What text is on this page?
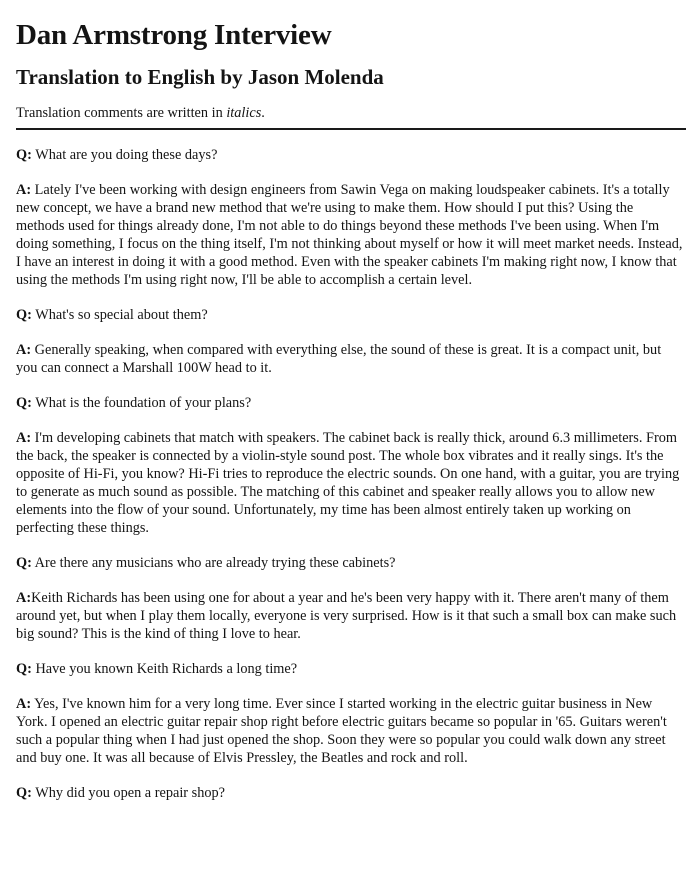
Dan Armstrong Interview
Translation to English by Jason Molenda
Translation comments are written in italics.

Q: What are you doing these days?

A: Lately I've been working with design engineers from Sawin Vega on making loudspeaker cabinets. It's a totally new concept, we have a brand new method that we're using to make them. How should I put this? Using the methods used for things already done, I'm not able to do things beyond these methods I've been using. When I'm doing something, I focus on the thing itself, I'm not thinking about myself or how it will meet market needs. Instead, I have an interest in doing it with a good method. Even with the speaker cabinets I'm making right now, I know that using the methods I'm using right now, I'll be able to accomplish a certain level.

Q: What's so special about them?

A: Generally speaking, when compared with everything else, the sound of these is great. It is a compact unit, but you can connect a Marshall 100W head to it.

Q: What is the foundation of your plans?

A: I'm developing cabinets that match with speakers. The cabinet back is really thick, around 6.3 millimeters. From the back, the speaker is connected by a violin-style sound post. The whole box vibrates and it really sings. It's the opposite of Hi-Fi, you know? Hi-Fi tries to reproduce the electric sounds. On one hand, with a guitar, you are trying to generate as much sound as possible. The matching of this cabinet and speaker really allows you to allow new elements into the flow of your sound. Unfortunately, my time has been almost entirely taken up working on perfecting these things.

Q: Are there any musicians who are already trying these cabinets?

A:Keith Richards has been using one for about a year and he's been very happy with it. There aren't many of them around yet, but when I play them locally, everyone is very surprised. How is it that such a small box can make such big sound? This is the kind of thing I love to hear.

Q: Have you known Keith Richards a long time?

A: Yes, I've known him for a very long time. Ever since I started working in the electric guitar business in New York. I opened an electric guitar repair shop right before electric guitars became so popular in '65. Guitars weren't such a popular thing when I had just opened the shop. Soon they were so popular you could walk down any street and buy one. It was all because of Elvis Pressley, the Beatles and rock and roll.

Q: Why did you open a repair shop?
